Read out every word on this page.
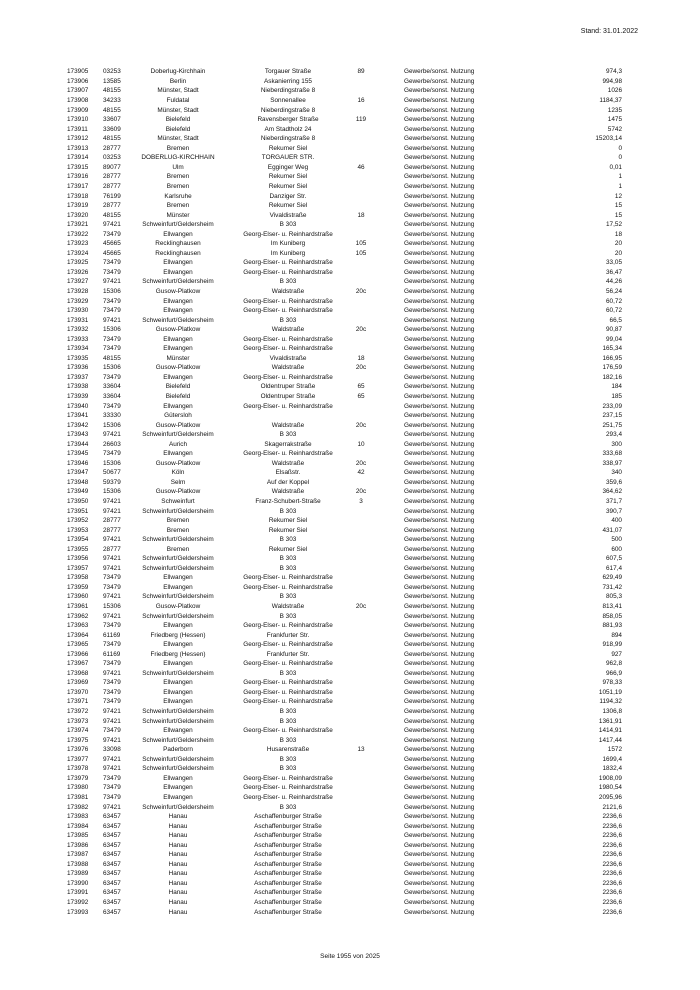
Stand: 31.01.2022
173905 03253	Doberlug-Kirchhain	Torgauer Straße	89	Gewerbe/sonst. Nutzung	974,3
173906 13585	Berlin	Askanierring 155	Gewerbe/sonst. Nutzung	994,98
173907 48155	Münster, Stadt	Nieberdingstraße 8	Gewerbe/sonst. Nutzung	1026
173908 34233	Fuldatal	Sonnenallee	16	Gewerbe/sonst. Nutzung	1184,37
173909 48155	Münster, Stadt	Nieberdingstraße 8	Gewerbe/sonst. Nutzung	1235
173910 33607	Bielefeld	Ravensberger Straße	119	Gewerbe/sonst. Nutzung	1475
173911 33609	Bielefeld	Am Stadtholz 24	Gewerbe/sonst. Nutzung	5742
173912 48155	Münster, Stadt	Nieberdingstraße 8	Gewerbe/sonst. Nutzung	15203,14
173913 28777	Bremen	Rekumer Siel	Gewerbe/sonst. Nutzung	0
173914 03253	DOBERLUG-KIRCHHAIN	TORGAUER STR.	Gewerbe/sonst. Nutzung	0
173915 89077	Ulm	Egginger Weg	46	Gewerbe/sonst. Nutzung	0,01
173916 28777	Bremen	Rekumer Siel	Gewerbe/sonst. Nutzung	1
173917 28777	Bremen	Rekumer Siel	Gewerbe/sonst. Nutzung	1
173918 76199	Karlsruhe	Danziger Str.	Gewerbe/sonst. Nutzung	12
173919 28777	Bremen	Rekumer Siel	Gewerbe/sonst. Nutzung	15
173920 48155	Münster	Vivaldistraße	18	Gewerbe/sonst. Nutzung	15
173921 97421	Schweinfurt/Geldersheim	B 303	Gewerbe/sonst. Nutzung	17,52
173922 73479	Ellwangen	Georg-Elser- u. Reinhardstraße	Gewerbe/sonst. Nutzung	18
173923 45665	Recklinghausen	Im Kuniberg	105	Gewerbe/sonst. Nutzung	20
173924 45665	Recklinghausen	Im Kuniberg	105	Gewerbe/sonst. Nutzung	20
173925 73479	Ellwangen	Georg-Elser- u. Reinhardstraße	Gewerbe/sonst. Nutzung	33,05
173926 73479	Ellwangen	Georg-Elser- u. Reinhardstraße	Gewerbe/sonst. Nutzung	36,47
173927 97421	Schweinfurt/Geldersheim	B 303	Gewerbe/sonst. Nutzung	44,26
173928 15306	Gusow-Platkow	Waldstraße	20c	Gewerbe/sonst. Nutzung	56,24
173929 73479	Ellwangen	Georg-Elser- u. Reinhardstraße	Gewerbe/sonst. Nutzung	60,72
173930 73479	Ellwangen	Georg-Elser- u. Reinhardstraße	Gewerbe/sonst. Nutzung	60,72
173931 97421	Schweinfurt/Geldersheim	B 303	Gewerbe/sonst. Nutzung	66,5
173932 15306	Gusow-Platkow	Waldstraße	20c	Gewerbe/sonst. Nutzung	90,87
173933 73479	Ellwangen	Georg-Elser- u. Reinhardstraße	Gewerbe/sonst. Nutzung	99,04
173934 73479	Ellwangen	Georg-Elser- u. Reinhardstraße	Gewerbe/sonst. Nutzung	165,34
173935 48155	Münster	Vivaldistraße	18	Gewerbe/sonst. Nutzung	166,95
173936 15306	Gusow-Platkow	Waldstraße	20c	Gewerbe/sonst. Nutzung	176,59
173937 73479	Ellwangen	Georg-Elser- u. Reinhardstraße	Gewerbe/sonst. Nutzung	182,16
173938 33604	Bielefeld	Oldentruper Straße	65	Gewerbe/sonst. Nutzung	184
173939 33604	Bielefeld	Oldentruper Straße	65	Gewerbe/sonst. Nutzung	185
173940 73479	Ellwangen	Georg-Elser- u. Reinhardstraße	Gewerbe/sonst. Nutzung	233,09
173941 33330	Gütersloh	Gewerbe/sonst. Nutzung	237,15
173942 15306	Gusow-Platkow	Waldstraße	20c	Gewerbe/sonst. Nutzung	251,75
173943 97421	Schweinfurt/Geldersheim	B 303	Gewerbe/sonst. Nutzung	293,4
173944 26603	Aurich	Skagerrakstraße	10	Gewerbe/sonst. Nutzung	300
173945 73479	Ellwangen	Georg-Elser- u. Reinhardstraße	Gewerbe/sonst. Nutzung	333,68
173946 15306	Gusow-Platkow	Waldstraße	20c	Gewerbe/sonst. Nutzung	338,97
173947 50677	Köln	Elsaßstr.	42	Gewerbe/sonst. Nutzung	340
173948 59379	Selm	Auf der Koppel	Gewerbe/sonst. Nutzung	359,6
173949 15306	Gusow-Platkow	Waldstraße	20c	Gewerbe/sonst. Nutzung	364,62
173950 97421	Schweinfurt	Franz-Schubert-Straße	3	Gewerbe/sonst. Nutzung	371,7
173951 97421	Schweinfurt/Geldersheim	B 303	Gewerbe/sonst. Nutzung	390,7
173952 28777	Bremen	Rekumer Siel	Gewerbe/sonst. Nutzung	400
173953 28777	Bremen	Rekumer Siel	Gewerbe/sonst. Nutzung	431,07
173954 97421	Schweinfurt/Geldersheim	B 303	Gewerbe/sonst. Nutzung	500
173955 28777	Bremen	Rekumer Siel	Gewerbe/sonst. Nutzung	600
173956 97421	Schweinfurt/Geldersheim	B 303	Gewerbe/sonst. Nutzung	607,5
173957 97421	Schweinfurt/Geldersheim	B 303	Gewerbe/sonst. Nutzung	617,4
173958 73479	Ellwangen	Georg-Elser- u. Reinhardstraße	Gewerbe/sonst. Nutzung	629,49
173959 73479	Ellwangen	Georg-Elser- u. Reinhardstraße	Gewerbe/sonst. Nutzung	731,42
173960 97421	Schweinfurt/Geldersheim	B 303	Gewerbe/sonst. Nutzung	805,3
173961 15306	Gusow-Platkow	Waldstraße	20c	Gewerbe/sonst. Nutzung	813,41
173962 97421	Schweinfurt/Geldersheim	B 303	Gewerbe/sonst. Nutzung	858,05
173963 73479	Ellwangen	Georg-Elser- u. Reinhardstraße	Gewerbe/sonst. Nutzung	881,93
173964 61169	Friedberg (Hessen)	Frankfurter Str.	Gewerbe/sonst. Nutzung	894
173965 73479	Ellwangen	Georg-Elser- u. Reinhardstraße	Gewerbe/sonst. Nutzung	918,99
173966 61169	Friedberg (Hessen)	Frankfurter Str.	Gewerbe/sonst. Nutzung	927
173967 73479	Ellwangen	Georg-Elser- u. Reinhardstraße	Gewerbe/sonst. Nutzung	962,8
173968 97421	Schweinfurt/Geldersheim	B 303	Gewerbe/sonst. Nutzung	966,9
173969 73479	Ellwangen	Georg-Elser- u. Reinhardstraße	Gewerbe/sonst. Nutzung	978,33
173970 73479	Ellwangen	Georg-Elser- u. Reinhardstraße	Gewerbe/sonst. Nutzung	1051,19
173971 73479	Ellwangen	Georg-Elser- u. Reinhardstraße	Gewerbe/sonst. Nutzung	1194,32
173972 97421	Schweinfurt/Geldersheim	B 303	Gewerbe/sonst. Nutzung	1306,8
173973 97421	Schweinfurt/Geldersheim	B 303	Gewerbe/sonst. Nutzung	1361,91
173974 73479	Ellwangen	Georg-Elser- u. Reinhardstraße	Gewerbe/sonst. Nutzung	1414,91
173975 97421	Schweinfurt/Geldersheim	B 303	Gewerbe/sonst. Nutzung	1417,44
173976 33098	Paderborn	Husarenstraße	13	Gewerbe/sonst. Nutzung	1572
173977 97421	Schweinfurt/Geldersheim	B 303	Gewerbe/sonst. Nutzung	1699,4
173978 97421	Schweinfurt/Geldersheim	B 303	Gewerbe/sonst. Nutzung	1832,4
173979 73479	Ellwangen	Georg-Elser- u. Reinhardstraße	Gewerbe/sonst. Nutzung	1908,09
173980 73479	Ellwangen	Georg-Elser- u. Reinhardstraße	Gewerbe/sonst. Nutzung	1980,54
173981 73479	Ellwangen	Georg-Elser- u. Reinhardstraße	Gewerbe/sonst. Nutzung	2095,96
173982 97421	Schweinfurt/Geldersheim	B 303	Gewerbe/sonst. Nutzung	2121,6
173983 63457	Hanau	Aschaffenburger Straße	Gewerbe/sonst. Nutzung	2236,6
173984 63457	Hanau	Aschaffenburger Straße	Gewerbe/sonst. Nutzung	2236,6
173985 63457	Hanau	Aschaffenburger Straße	Gewerbe/sonst. Nutzung	2236,6
173986 63457	Hanau	Aschaffenburger Straße	Gewerbe/sonst. Nutzung	2236,6
173987 63457	Hanau	Aschaffenburger Straße	Gewerbe/sonst. Nutzung	2236,6
173988 63457	Hanau	Aschaffenburger Straße	Gewerbe/sonst. Nutzung	2236,6
173989 63457	Hanau	Aschaffenburger Straße	Gewerbe/sonst. Nutzung	2236,6
173990 63457	Hanau	Aschaffenburger Straße	Gewerbe/sonst. Nutzung	2236,6
173991 63457	Hanau	Aschaffenburger Straße	Gewerbe/sonst. Nutzung	2236,6
173992 63457	Hanau	Aschaffenburger Straße	Gewerbe/sonst. Nutzung	2236,6
173993 63457	Hanau	Aschaffenburger Straße	Gewerbe/sonst. Nutzung	2236,6
Seite 1955 von 2025
